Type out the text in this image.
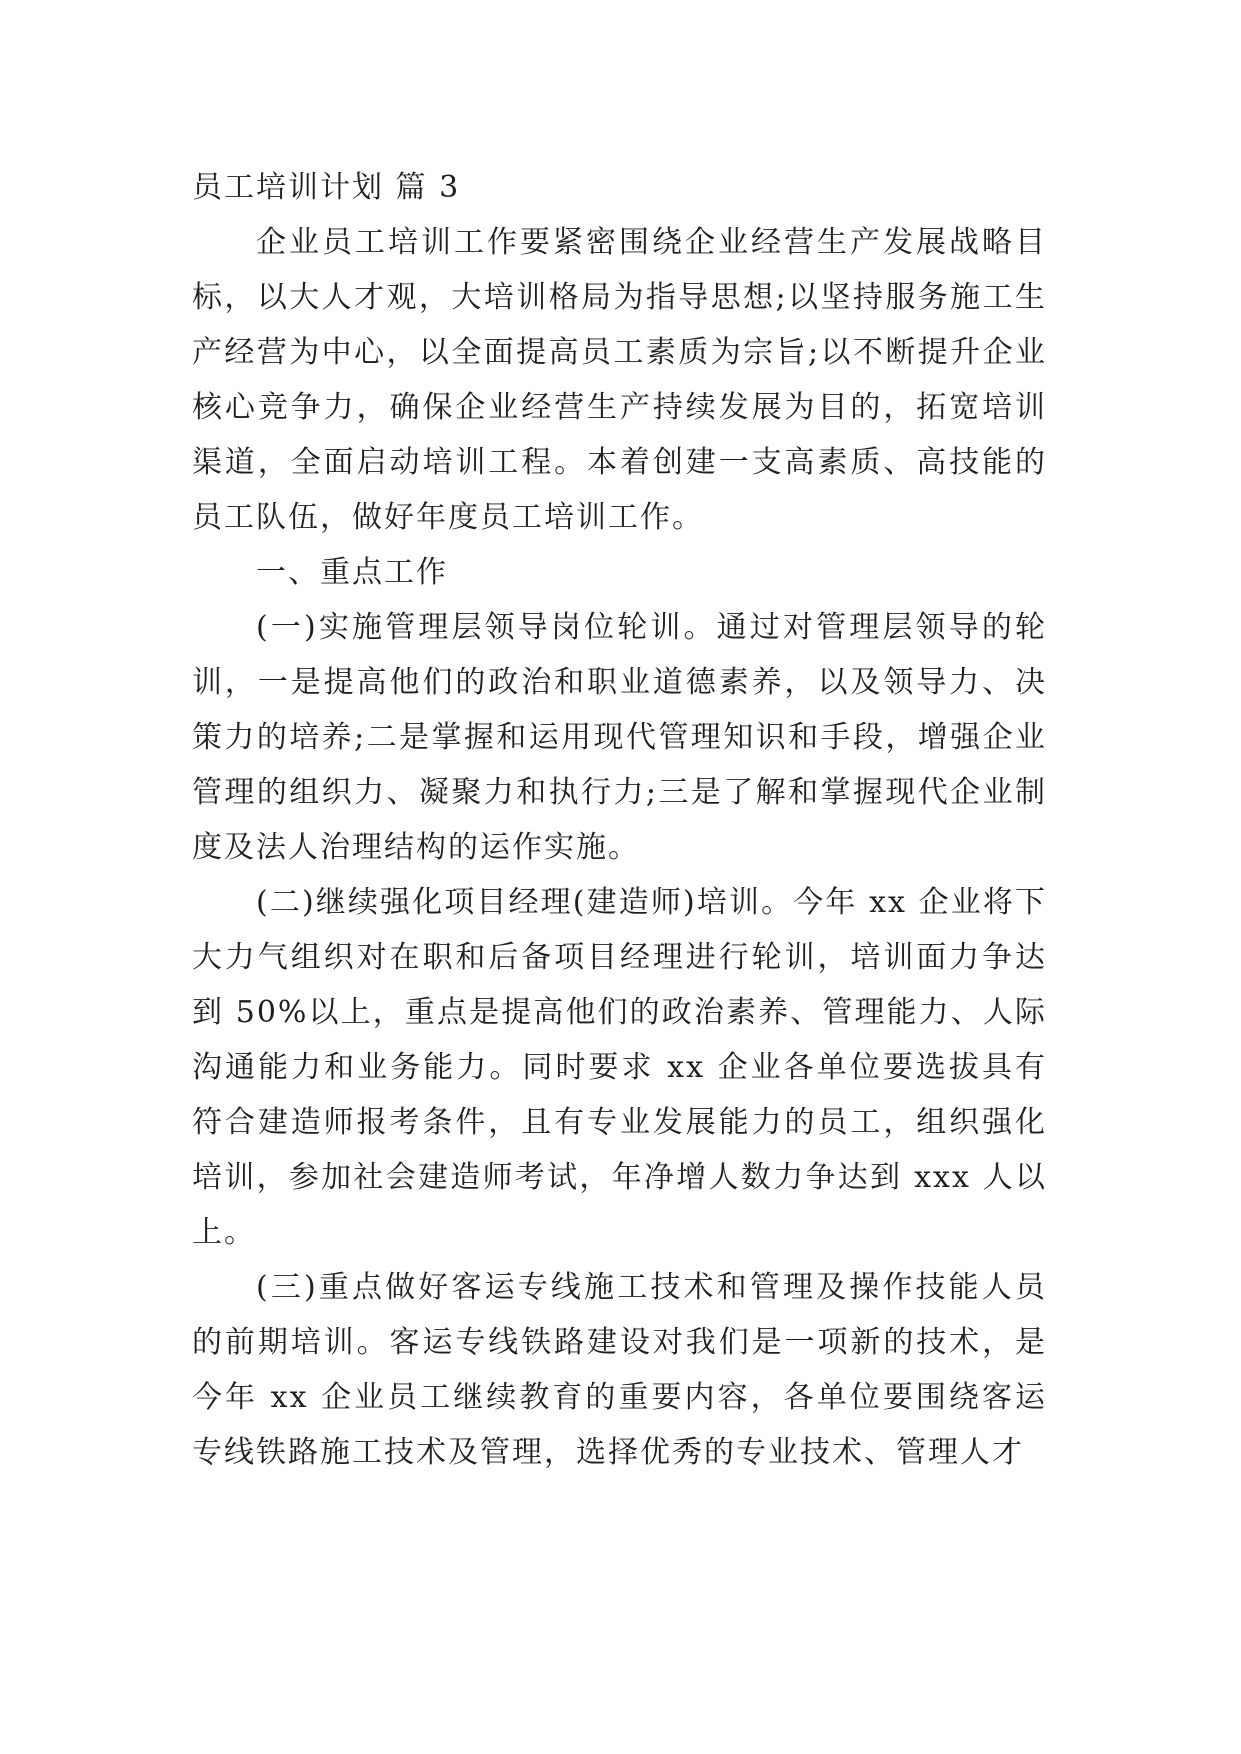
员工培训计划 篇 3

企业员工培训工作要紧密围绕企业经营生产发展战略目标，以大人才观，大培训格局为指导思想;以坚持服务施工生产经营为中心，以全面提高员工素质为宗旨;以不断提升企业核心竞争力，确保企业经营生产持续发展为目的，拓宽培训渠道，全面启动培训工程。本着创建一支高素质、高技能的员工队伍，做好年度员工培训工作。

一、重点工作

(一)实施管理层领导岗位轮训。通过对管理层领导的轮训，一是提高他们的政治和职业道德素养，以及领导力、决策力的培养;二是掌握和运用现代管理知识和手段，增强企业管理的组织力、凝聚力和执行力;三是了解和掌握现代企业制度及法人治理结构的运作实施。

(二)继续强化项目经理(建造师)培训。今年 xx 企业将下大力气组织对在职和后备项目经理进行轮训，培训面力争达到 50%以上，重点是提高他们的政治素养、管理能力、人际沟通能力和业务能力。同时要求 xx 企业各单位要选拔具有符合建造师报考条件，且有专业发展能力的员工，组织强化培训，参加社会建造师考试，年净增人数力争达到 xxx 人以上。

(三)重点做好客运专线施工技术和管理及操作技能人员的前期培训。客运专线铁路建设对我们是一项新的技术，是今年 xx 企业员工继续教育的重要内容，各单位要围绕客运专线铁路施工技术及管理，选择优秀的专业技术、管理人才
